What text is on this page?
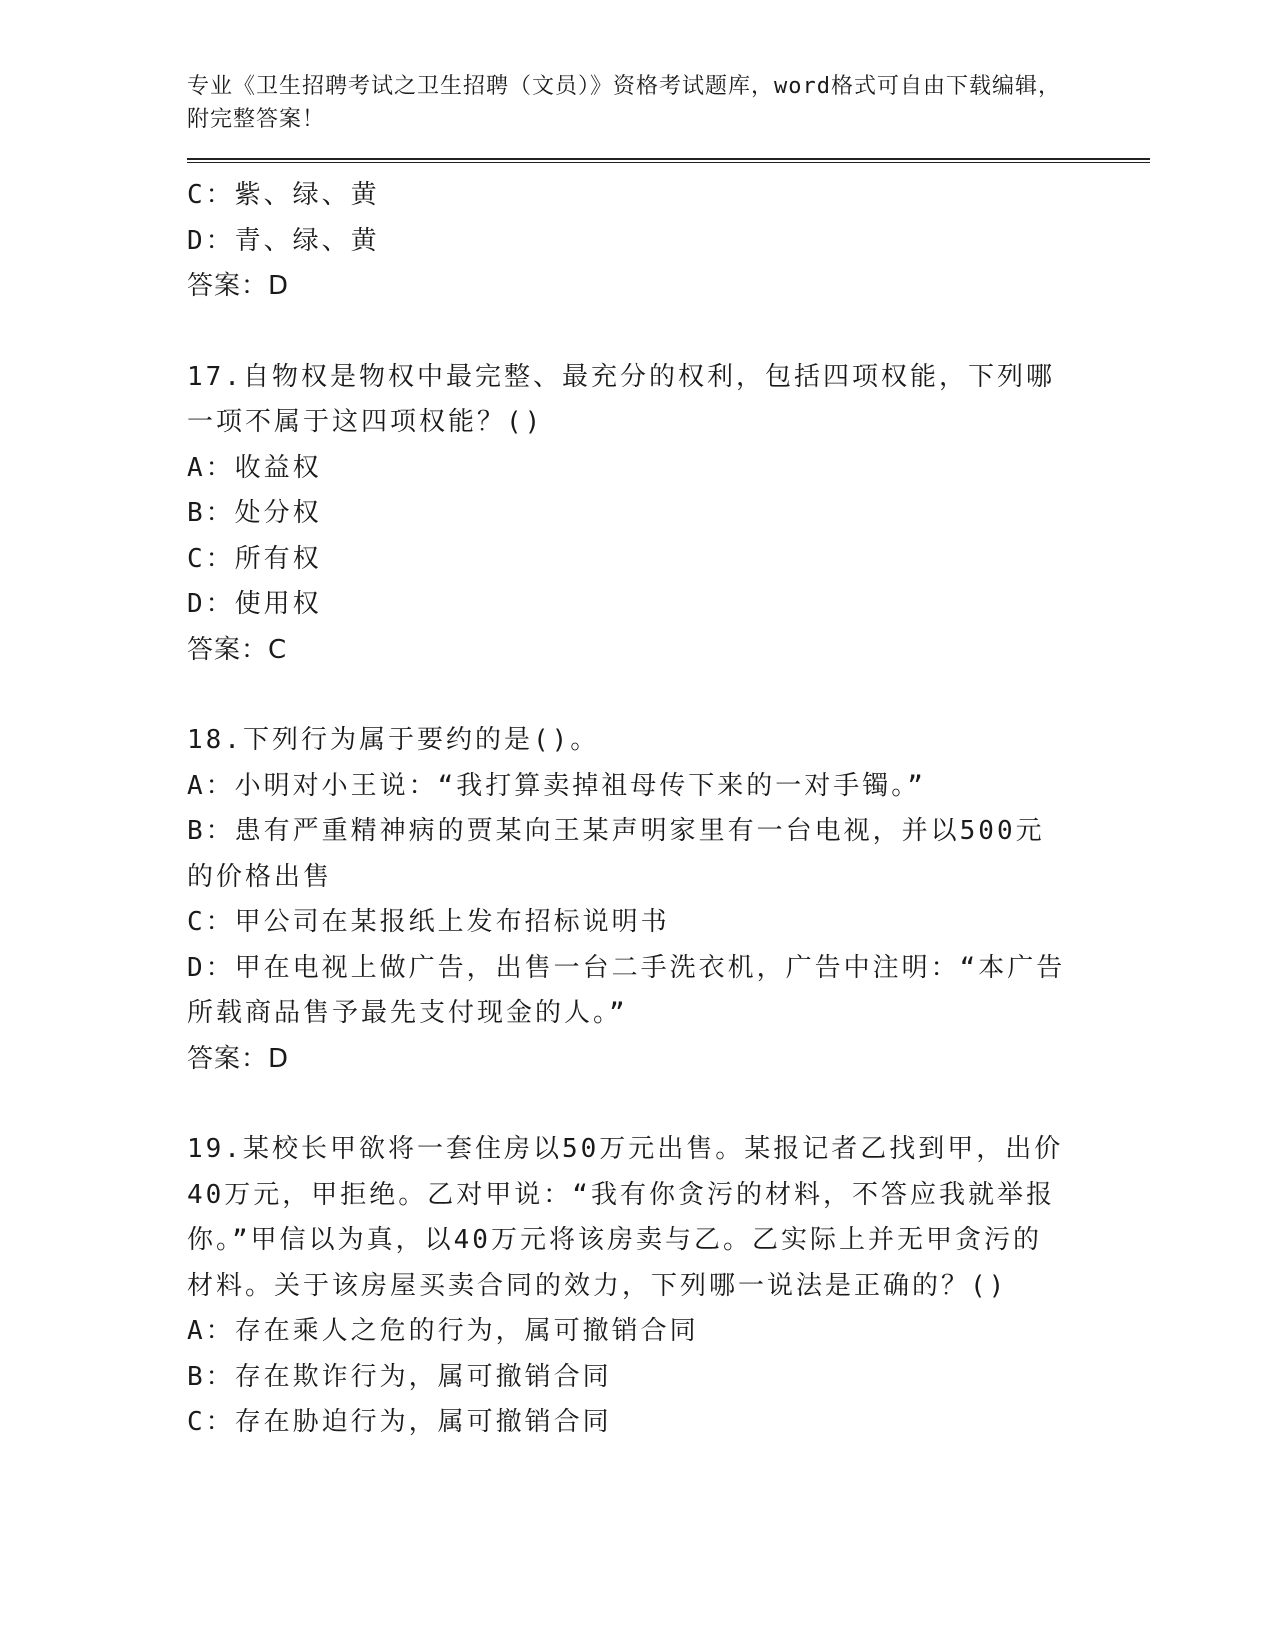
专业《卫生招聘考试之卫生招聘（文员）》资格考试题库，word格式可自由下载编辑，附完整答案！
C：紫、绿、黄
D：青、绿、黄
答案：D
17.自物权是物权中最完整、最充分的权利，包括四项权能，下列哪一项不属于这四项权能？()
A：收益权
B：处分权
C：所有权
D：使用权
答案：C
18.下列行为属于要约的是()。
A：小明对小王说：“我打算卖掉祖母传下来的一对手镯。”
B：患有严重精神病的贾某向王某声明家里有一台电视，并以500元的价格出售
C：甲公司在某报纸上发布招标说明书
D：甲在电视上做广告，出售一台二手洗衣机，广告中注明：“本广告所载商品售予最先支付现金的人。”
答案：D
19.某校长甲欲将一套住房以50万元出售。某报记者乙找到甲，出价40万元，甲拒绝。乙对甲说：“我有你贪污的材料，不答应我就举报你。”甲信以为真，以40万元将该房卖与乙。乙实际上并无甲贪污的材料。关于该房屋买卖合同的效力，下列哪一说法是正确的？()
A：存在乘人之危的行为，属可撤销合同
B：存在欺诈行为，属可撤销合同
C：存在胁迫行为，属可撤销合同
